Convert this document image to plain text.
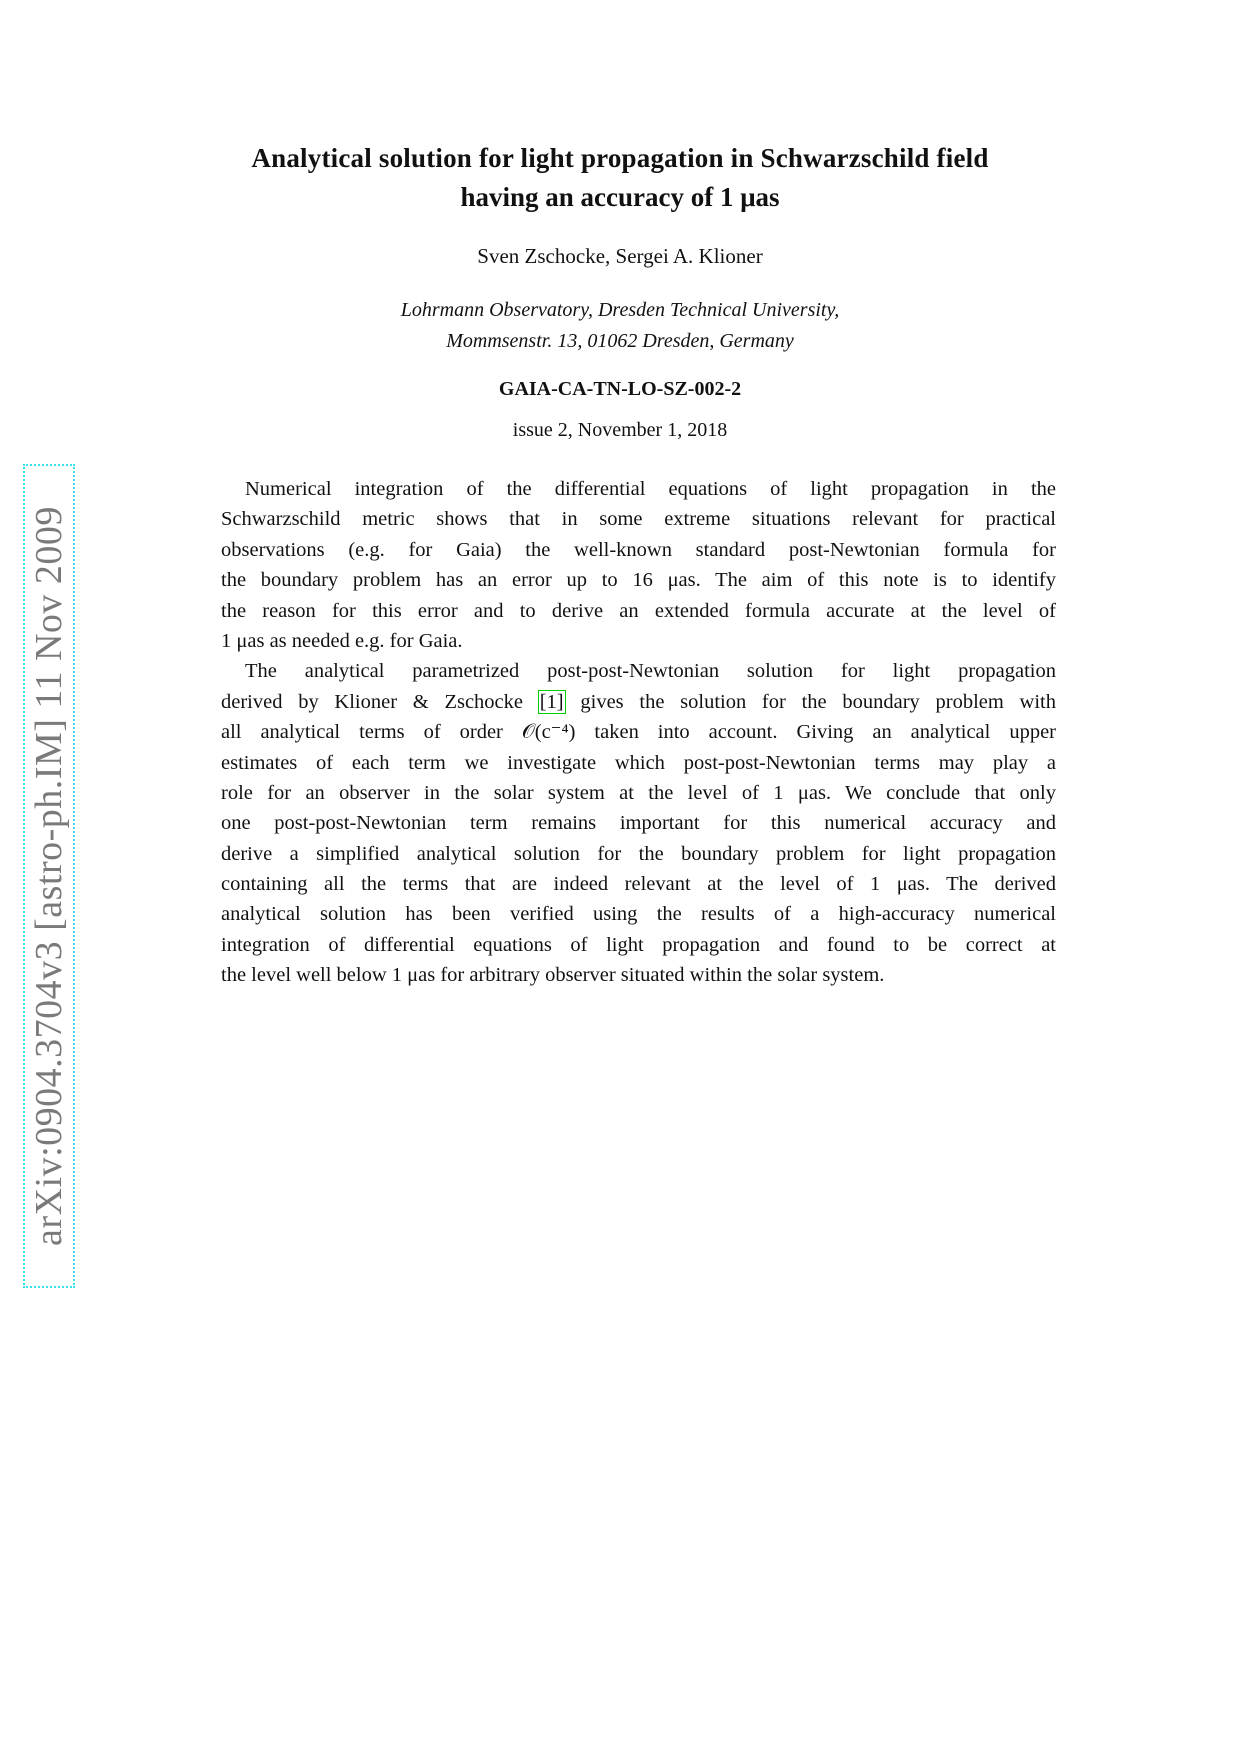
arXiv:0904.3704v3 [astro-ph.IM] 11 Nov 2009
Analytical solution for light propagation in Schwarzschild field
having an accuracy of 1 μas
Sven Zschocke, Sergei A. Klioner
Lohrmann Observatory, Dresden Technical University,
Mommsenstr. 13, 01062 Dresden, Germany
GAIA-CA-TN-LO-SZ-002-2
issue 2, November 1, 2018
Numerical integration of the differential equations of light propagation in the
Schwarzschild metric shows that in some extreme situations relevant for practical
observations (e.g. for Gaia) the well-known standard post-Newtonian formula for
the boundary problem has an error up to 16 μas. The aim of this note is to identify
the reason for this error and to derive an extended formula accurate at the level of
1 μas as needed e.g. for Gaia.
The analytical parametrized post-post-Newtonian solution for light propagation
derived by Klioner & Zschocke [1] gives the solution for the boundary problem with
all analytical terms of order 𝒪(c⁻⁴) taken into account. Giving an analytical upper
estimates of each term we investigate which post-post-Newtonian terms may play a
role for an observer in the solar system at the level of 1 μas. We conclude that only
one post-post-Newtonian term remains important for this numerical accuracy and
derive a simplified analytical solution for the boundary problem for light propagation
containing all the terms that are indeed relevant at the level of 1 μas. The derived
analytical solution has been verified using the results of a high-accuracy numerical
integration of differential equations of light propagation and found to be correct at
the level well below 1 μas for arbitrary observer situated within the solar system.
